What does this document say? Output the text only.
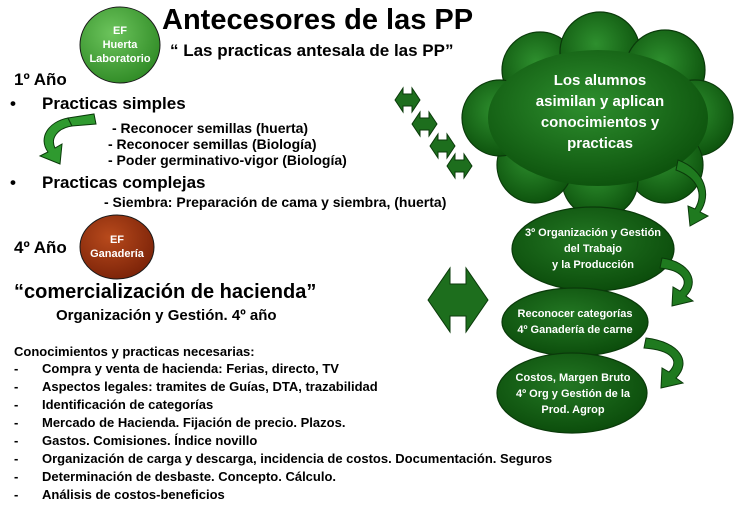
Antecesores de las PP
“ Las practicas antesala de las PP”
EF
Huerta
Laboratorio
EF
Ganadería
1º Año
• Practicas simples
- Reconocer semillas (huerta)
- Reconocer semillas (Biología)
- Poder germinativo-vigor (Biología)
• Practicas complejas
- Siembra: Preparación de cama y siembra, (huerta)
4º Año
“comercialización de hacienda”
Organización y Gestión. 4º año
Conocimientos y practicas necesarias:
- Compra y venta de hacienda: Ferias, directo, TV
- Aspectos legales: tramites de Guías, DTA, trazabilidad
- Identificación de categorías
- Mercado de Hacienda. Fijación de precio. Plazos.
- Gastos. Comisiones. Índice novillo
- Organización de carga y descarga, incidencia de costos. Documentación. Seguros
- Determinación de desbaste. Concepto. Cálculo.
- Análisis de costos-beneficios
Los alumnos
asimilan y aplican
conocimientos y
practicas
3º Organización y Gestión
del Trabajo
y la Producción
Reconocer categorías
4º Ganadería de carne
Costos, Margen Bruto
4º Org y Gestión de la
Prod. Agrop
